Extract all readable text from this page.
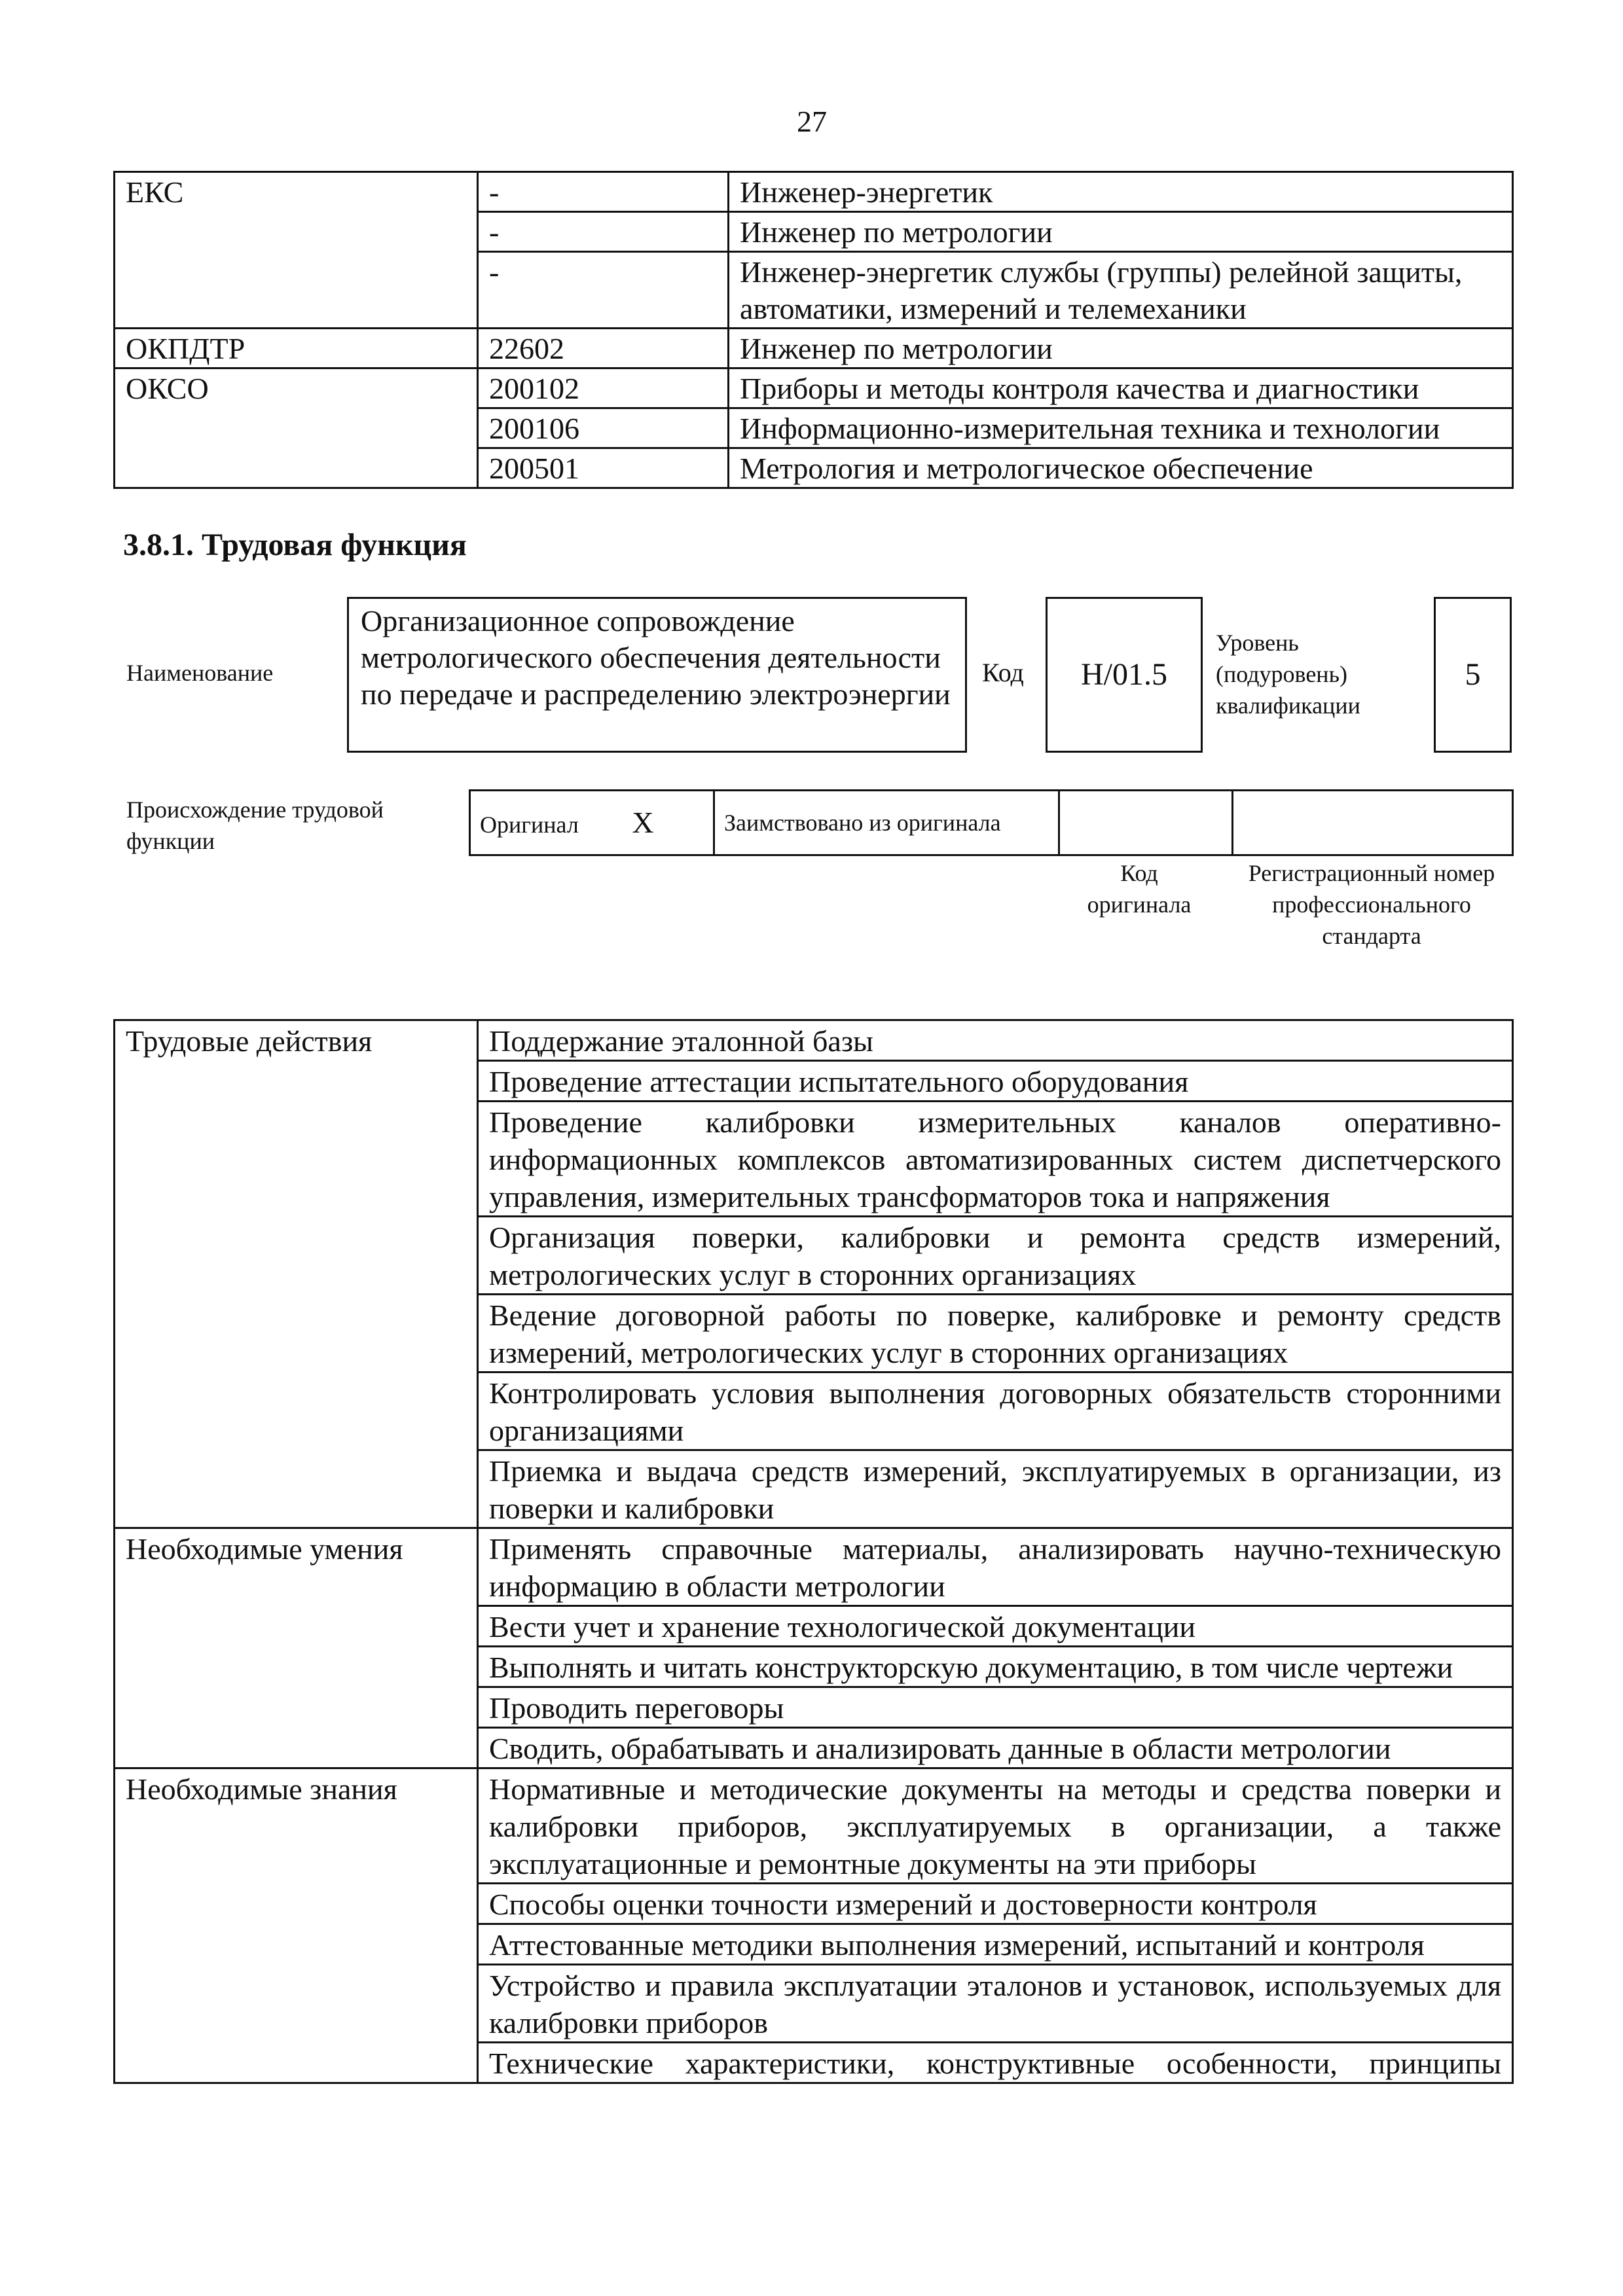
27
ЕКС	-	Инженер-энергетик
	-	Инженер по метрологии
	-	Инженер-энергетик службы (группы) релейной защиты, автоматики, измерений и телемеханики
ОКПДТР	22602	Инженер по метрологии
ОКСО	200102	Приборы и методы контроля качества и диагностики
	200106	Информационно-измерительная техника и технологии
	200501	Метрология и метрологическое обеспечение
3.8.1. Трудовая функция
Наименование
Организационное сопровождение метрологического обеспечения деятельности по передаче и распределению электроэнергии
Код Н/01.5
Уровень (подуровень) квалификации
5
Происхождение трудовой функции
Оригинал X	Заимствовано из оригинала		
Код оригинала
Регистрационный номер профессионального стандарта
Трудовые действия	Поддержание эталонной базы
	Проведение аттестации испытательного оборудования
	Проведение калибровки измерительных каналов оперативно-информационных комплексов автоматизированных систем диспетчерского управления, измерительных трансформаторов тока и напряжения
	Организация поверки, калибровки и ремонта средств измерений, метрологических услуг в сторонних организациях
	Ведение договорной работы по поверке, калибровке и ремонту средств измерений, метрологических услуг в сторонних организациях
	Контролировать условия выполнения договорных обязательств сторонними организациями
	Приемка и выдача средств измерений, эксплуатируемых в организации, из поверки и калибровки
Необходимые умения	Применять справочные материалы, анализировать научно-техническую информацию в области метрологии
	Вести учет и хранение технологической документации
	Выполнять и читать конструкторскую документацию, в том числе чертежи
	Проводить переговоры
	Сводить, обрабатывать и анализировать данные в области метрологии
Необходимые знания	Нормативные и методические документы на методы и средства поверки и калибровки приборов, эксплуатируемых в организации, а также эксплуатационные и ремонтные документы на эти приборы
	Способы оценки точности измерений и достоверности контроля
	Аттестованные методики выполнения измерений, испытаний и контроля
	Устройство и правила эксплуатации эталонов и установок, используемых для калибровки приборов
	Технические характеристики, конструктивные особенности, принципы
